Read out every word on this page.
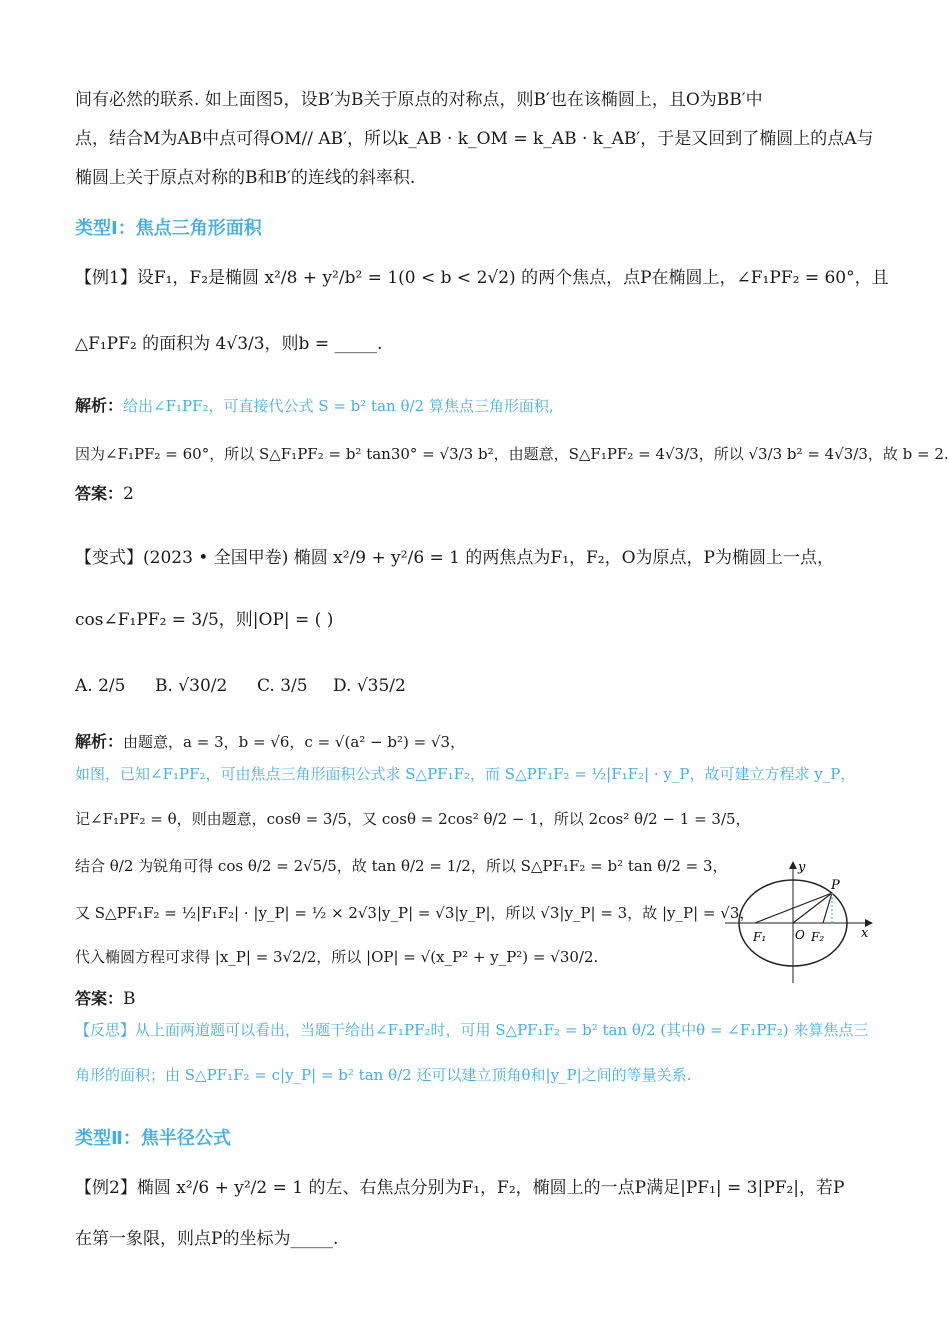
间有必然的联系. 如上面图5，设B′为B关于原点的对称点，则B′也在该椭圆上，且O为BB′中
点，结合M为AB中点可得OM// AB′，所以k_AB · k_OM = k_AB · k_AB′，于是又回到了椭圆上的点A与
椭圆上关于原点对称的B和B′的连线的斜率积.
类型Ⅰ：焦点三角形面积
【例1】设F₁，F₂是椭圆 x²/8 + y²/b² = 1(0 < b < 2√2) 的两个焦点，点P在椭圆上，∠F₁PF₂ = 60°，且
△F₁PF₂ 的面积为 4√3/3，则b = _____.
解析：给出∠F₁PF₂，可直接代公式 S = b² tan θ/2 算焦点三角形面积,
因为∠F₁PF₂ = 60°，所以 S△F₁PF₂ = b² tan30° = √3/3 b²，由题意，S△F₁PF₂ = 4√3/3，所以 √3/3 b² = 4√3/3，故 b = 2.
答案：2
【变式】(2023 • 全国甲卷) 椭圆 x²/9 + y²/6 = 1 的两焦点为F₁，F₂，O为原点，P为椭圆上一点，
cos∠F₁PF₂ = 3/5，则|OP| = ( )
A. 2/5 B. √30/2 C. 3/5 D. √35/2
解析：由题意，a = 3，b = √6，c = √(a² − b²) = √3，
如图，已知∠F₁PF₂，可由焦点三角形面积公式求 S△PF₁F₂，而 S△PF₁F₂ = ½|F₁F₂| · y_P，故可建立方程求 y_P，
记∠F₁PF₂ = θ，则由题意，cosθ = 3/5，又 cosθ = 2cos² θ/2 − 1，所以 2cos² θ/2 − 1 = 3/5，
结合 θ/2 为锐角可得 cos θ/2 = 2√5/5，故 tan θ/2 = 1/2，所以 S△PF₁F₂ = b² tan θ/2 = 3，
又 S△PF₁F₂ = ½|F₁F₂| · |y_P| = ½ × 2√3|y_P| = √3|y_P|，所以 √3|y_P| = 3，故 |y_P| = √3，
代入椭圆方程可求得 |x_P| = 3√2/2，所以 |OP| = √(x_P² + y_P²) = √30/2.
答案：B
【反思】从上面两道题可以看出，当题干给出∠F₁PF₂时，可用 S△PF₁F₂ = b² tan θ/2 (其中θ = ∠F₁PF₂) 来算焦点三
角形的面积；由 S△PF₁F₂ = c|y_P| = b² tan θ/2 还可以建立顶角θ和|y_P|之间的等量关系.
类型Ⅱ：焦半径公式
【例2】椭圆 x²/6 + y²/2 = 1 的左、右焦点分别为F₁，F₂，椭圆上的一点P满足|PF₁| = 3|PF₂|，若P
在第一象限，则点P的坐标为_____.
y
x
P
F₁ O F₂
